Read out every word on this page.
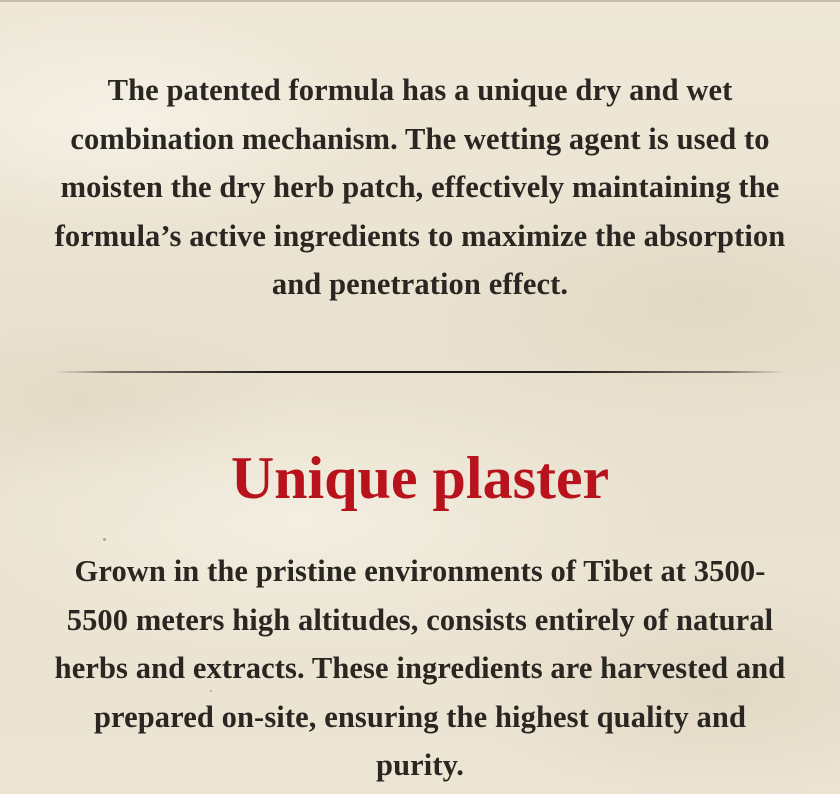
The patented formula has a unique dry and wet combination mechanism. The wetting agent is used to moisten the dry herb patch, effectively maintaining the formula’s active ingredients to maximize the absorption and penetration effect.

Unique plaster

Grown in the pristine environments of Tibet at 3500-5500 meters high altitudes, consists entirely of natural herbs and extracts. These ingredients are harvested and prepared on-site, ensuring the highest quality and purity.
